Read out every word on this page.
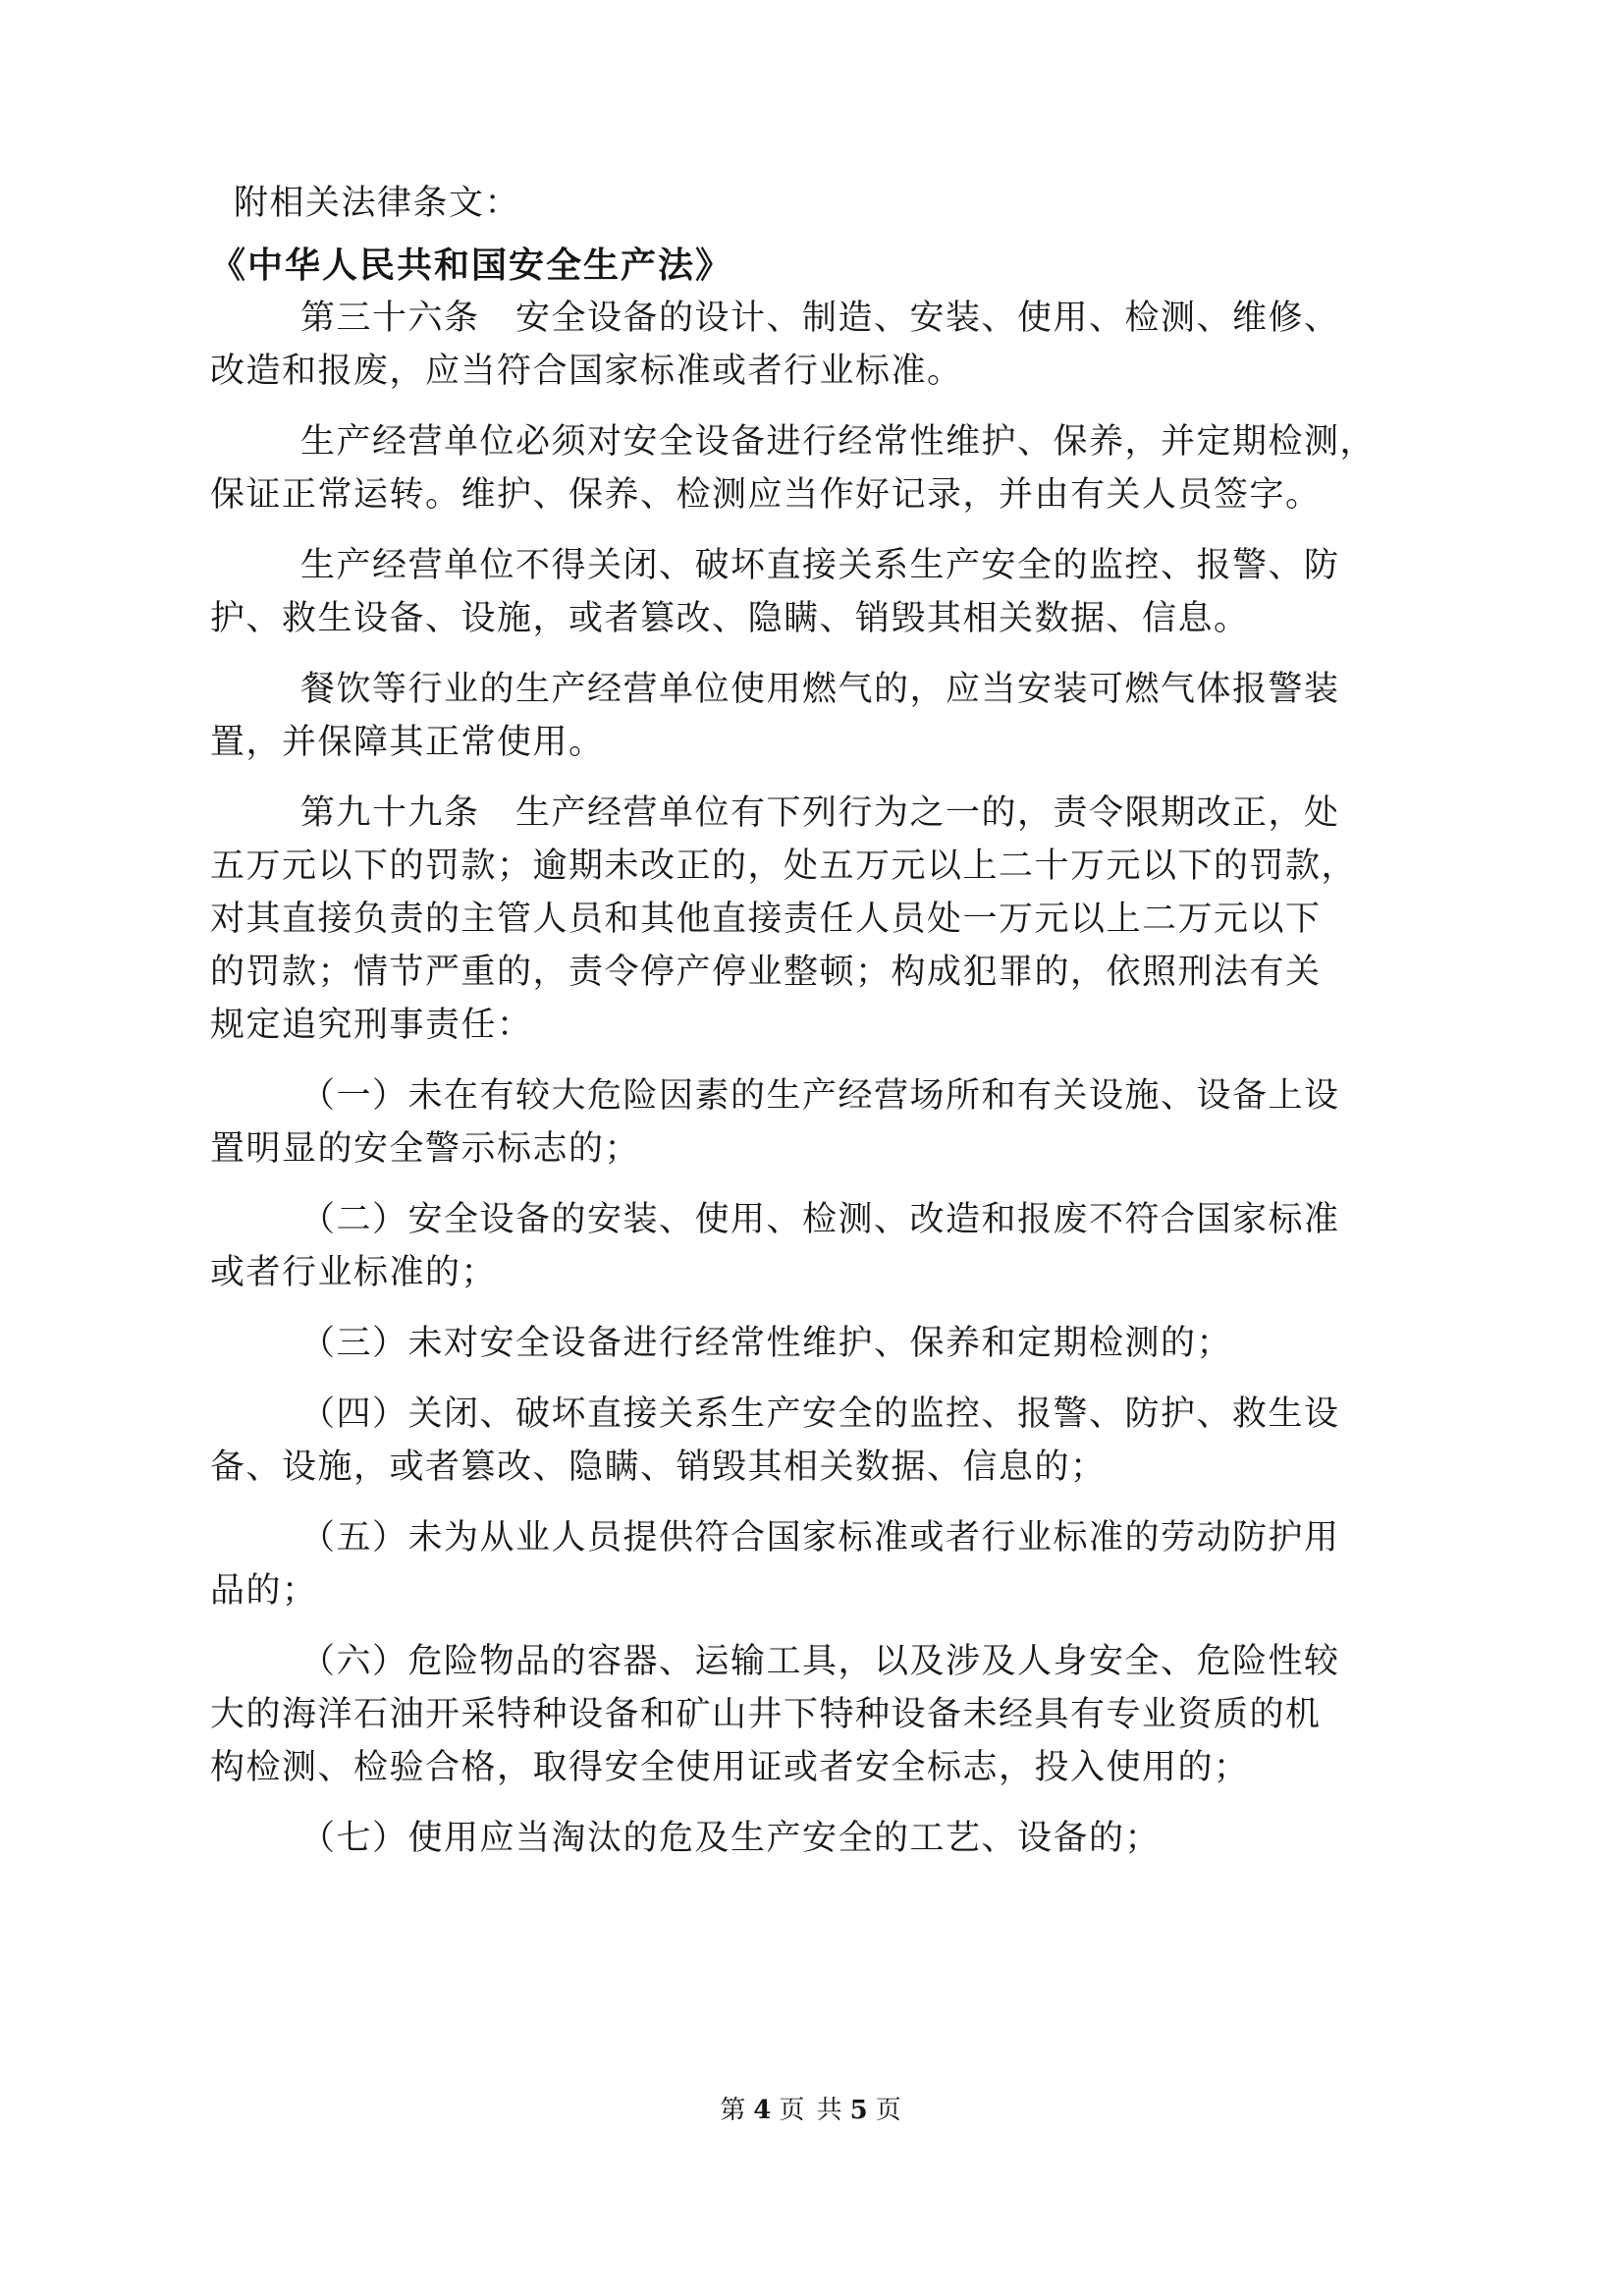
附相关法律条文：
《中华人民共和国安全生产法》
第三十六条　安全设备的设计、制造、安装、使用、检测、维修、
改造和报废，应当符合国家标准或者行业标准。
生产经营单位必须对安全设备进行经常性维护、保养，并定期检测，
保证正常运转。维护、保养、检测应当作好记录，并由有关人员签字。
生产经营单位不得关闭、破坏直接关系生产安全的监控、报警、防
护、救生设备、设施，或者篡改、隐瞒、销毁其相关数据、信息。
餐饮等行业的生产经营单位使用燃气的，应当安装可燃气体报警装
置，并保障其正常使用。
第九十九条　生产经营单位有下列行为之一的，责令限期改正，处
五万元以下的罚款；逾期未改正的，处五万元以上二十万元以下的罚款，
对其直接负责的主管人员和其他直接责任人员处一万元以上二万元以下
的罚款；情节严重的，责令停产停业整顿；构成犯罪的，依照刑法有关
规定追究刑事责任：
（一）未在有较大危险因素的生产经营场所和有关设施、设备上设
置明显的安全警示标志的；
（二）安全设备的安装、使用、检测、改造和报废不符合国家标准
或者行业标准的；
（三）未对安全设备进行经常性维护、保养和定期检测的；
（四）关闭、破坏直接关系生产安全的监控、报警、防护、救生设
备、设施，或者篡改、隐瞒、销毁其相关数据、信息的；
（五）未为从业人员提供符合国家标准或者行业标准的劳动防护用
品的；
（六）危险物品的容器、运输工具，以及涉及人身安全、危险性较
大的海洋石油开采特种设备和矿山井下特种设备未经具有专业资质的机
构检测、检验合格，取得安全使用证或者安全标志，投入使用的；
（七）使用应当淘汰的危及生产安全的工艺、设备的；
第 4 页 共 5 页
